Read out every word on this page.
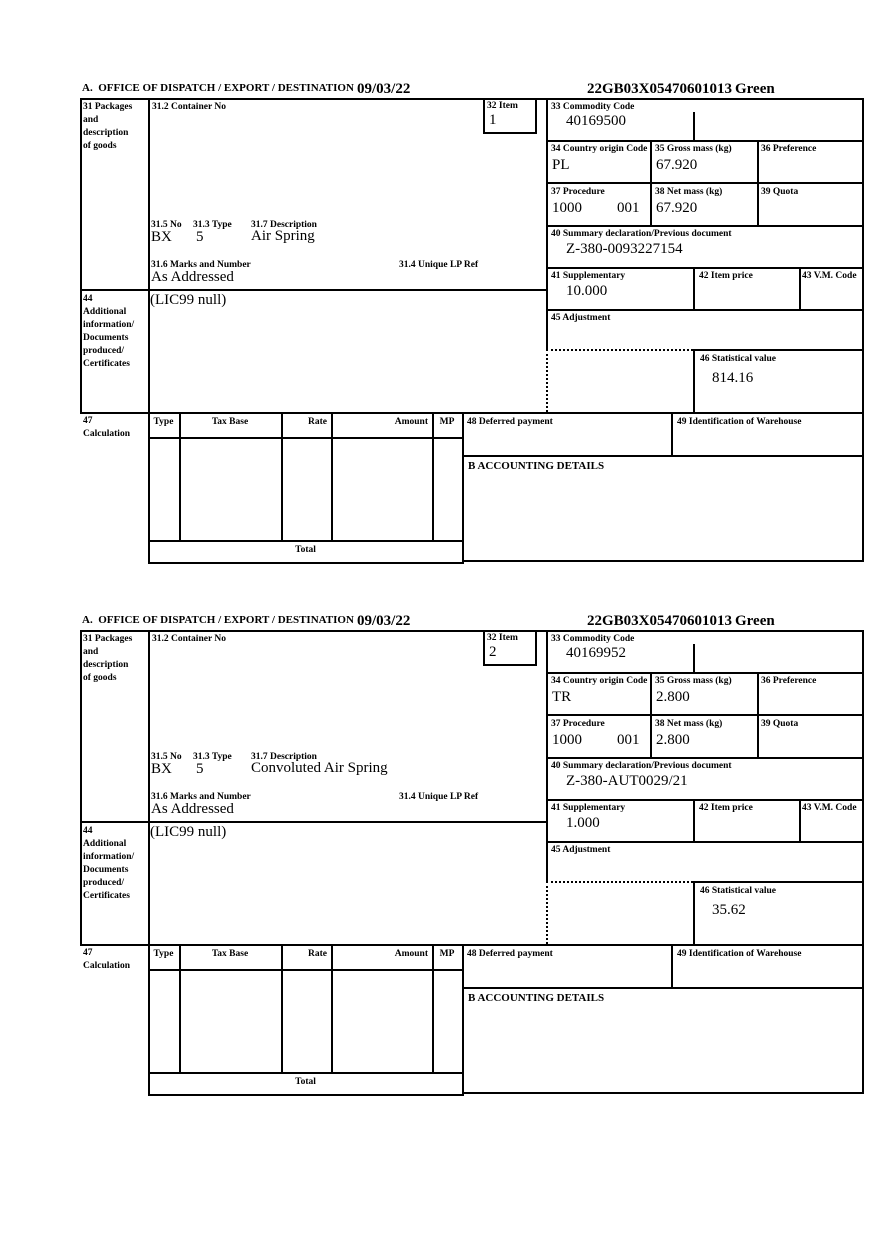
A.  OFFICE OF DISPATCH / EXPORT / DESTINATION 09/03/22	22GB03X05470601013 Green
31 Packages
and
description
of goods
44
Additional
information/
Documents
produced/
Certificates
47
Calculation
31.2 Container No
31.5 No 31.3 Type 31.7 Description
BX 5	Air Spring
31.6 Marks and Number	31.4 Unique LP Ref
As Addressed
(LIC99 null)
32 Item
1
33 Commodity Code
40169500
34 Country origin Code
PL
35 Gross mass (kg)
67.920
36 Preference
37 Procedure
1000 001
38 Net mass (kg)
67.920
39 Quota
40 Summary declaration/Previous document
Z-380-0093227154
41 Supplementary
10.000
42 Item price	43 V.M. Code
45 Adjustment
46 Statistical value
814.16
48 Deferred payment	49 Identification of Warehouse
B ACCOUNTING DETAILS
Type	Tax Base	Rate	Amount	MP
Total
A.  OFFICE OF DISPATCH / EXPORT / DESTINATION 09/03/22	22GB03X05470601013 Green
31 Packages
and
description
of goods
44
Additional
information/
Documents
produced/
Certificates
47
Calculation
31.2 Container No
31.5 No 31.3 Type 31.7 Description
BX 5	Convoluted Air Spring
31.6 Marks and Number	31.4 Unique LP Ref
As Addressed
(LIC99 null)
32 Item
2
33 Commodity Code
40169952
34 Country origin Code
TR
35 Gross mass (kg)
2.800
36 Preference
37 Procedure
1000 001
38 Net mass (kg)
2.800
39 Quota
40 Summary declaration/Previous document
Z-380-AUT0029/21
41 Supplementary
1.000
42 Item price	43 V.M. Code
45 Adjustment
46 Statistical value
35.62
48 Deferred payment	49 Identification of Warehouse
B ACCOUNTING DETAILS
Type	Tax Base	Rate	Amount	MP
Total
